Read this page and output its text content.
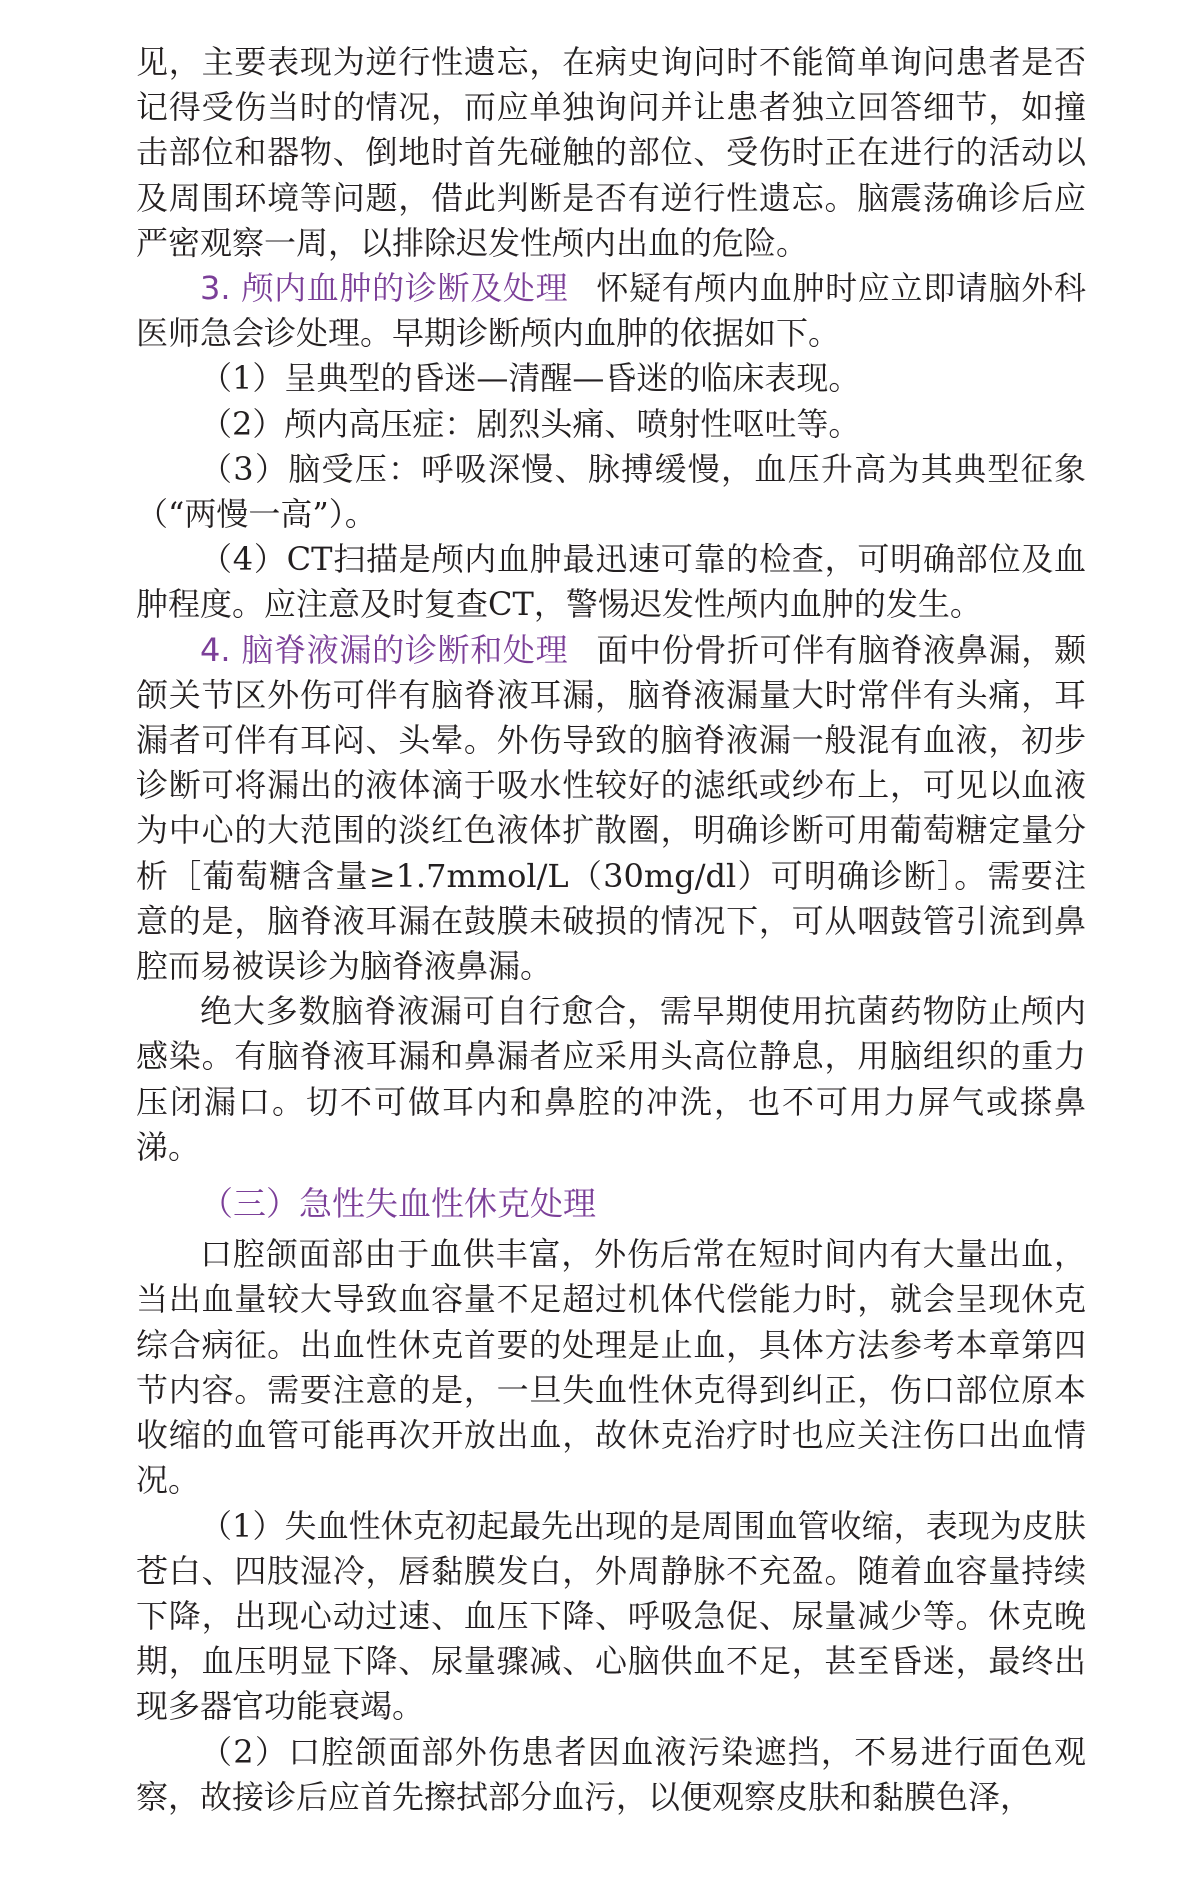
见，主要表现为逆行性遗忘，在病史询问时不能简单询问患者是否记得受伤当时的情况，而应单独询问并让患者独立回答细节，如撞击部位和器物、倒地时首先碰触的部位、受伤时正在进行的活动以及周围环境等问题，借此判断是否有逆行性遗忘。脑震荡确诊后应严密观察一周，以排除迟发性颅内出血的危险。

3. 颅内血肿的诊断及处理 怀疑有颅内血肿时应立即请脑外科医师急会诊处理。早期诊断颅内血肿的依据如下。

（1）呈典型的昏迷—清醒—昏迷的临床表现。

（2）颅内高压症：剧烈头痛、喷射性呕吐等。

（3）脑受压：呼吸深慢、脉搏缓慢，血压升高为其典型征象（“两慢一高”）。

（4）CT扫描是颅内血肿最迅速可靠的检查，可明确部位及血肿程度。应注意及时复查CT，警惕迟发性颅内血肿的发生。

4. 脑脊液漏的诊断和处理 面中份骨折可伴有脑脊液鼻漏，颞颌关节区外伤可伴有脑脊液耳漏，脑脊液漏量大时常伴有头痛，耳漏者可伴有耳闷、头晕。外伤导致的脑脊液漏一般混有血液，初步诊断可将漏出的液体滴于吸水性较好的滤纸或纱布上，可见以血液为中心的大范围的淡红色液体扩散圈，明确诊断可用葡萄糖定量分析［葡萄糖含量≥1.7mmol/L（30mg/dl）可明确诊断］。需要注意的是，脑脊液耳漏在鼓膜未破损的情况下，可从咽鼓管引流到鼻腔而易被误诊为脑脊液鼻漏。

绝大多数脑脊液漏可自行愈合，需早期使用抗菌药物防止颅内感染。有脑脊液耳漏和鼻漏者应采用头高位静息，用脑组织的重力压闭漏口。切不可做耳内和鼻腔的冲洗，也不可用力屏气或搽鼻涕。

（三）急性失血性休克处理

口腔颌面部由于血供丰富，外伤后常在短时间内有大量出血，当出血量较大导致血容量不足超过机体代偿能力时，就会呈现休克综合病征。出血性休克首要的处理是止血，具体方法参考本章第四节内容。需要注意的是，一旦失血性休克得到纠正，伤口部位原本收缩的血管可能再次开放出血，故休克治疗时也应关注伤口出血情况。

（1）失血性休克初起最先出现的是周围血管收缩，表现为皮肤苍白、四肢湿冷，唇黏膜发白，外周静脉不充盈。随着血容量持续下降，出现心动过速、血压下降、呼吸急促、尿量减少等。休克晚期，血压明显下降、尿量骤减、心脑供血不足，甚至昏迷，最终出现多器官功能衰竭。

（2）口腔颌面部外伤患者因血液污染遮挡，不易进行面色观察，故接诊后应首先擦拭部分血污，以便观察皮肤和黏膜色泽，
